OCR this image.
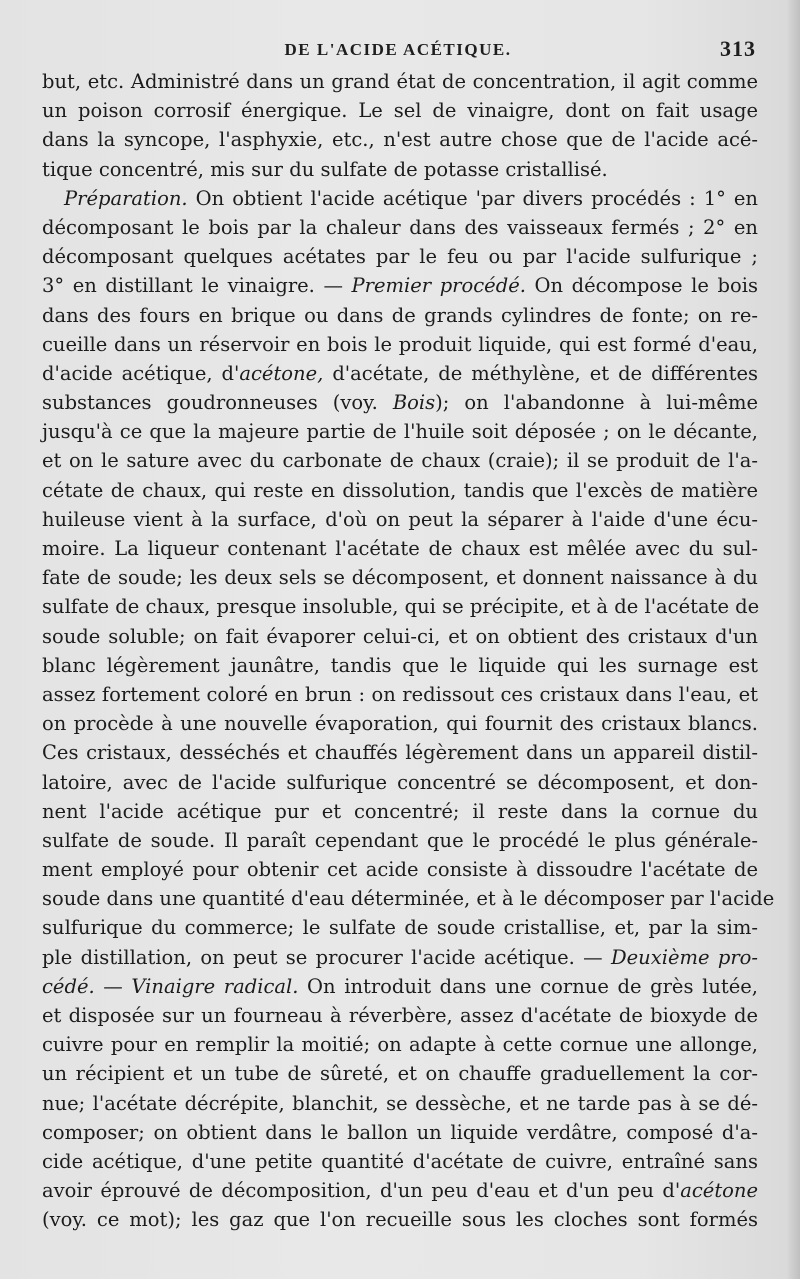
DE L'ACIDE ACÉTIQUE.	313
but, etc. Administré dans un grand état de concentration, il agit comme
un poison corrosif énergique. Le sel de vinaigre, dont on fait usage
dans la syncope, l'asphyxie, etc., n'est autre chose que de l'acide acé-
tique concentré, mis sur du sulfate de potasse cristallisé.
Préparation. On obtient l'acide acétique 'par divers procédés : 1° en
décomposant le bois par la chaleur dans des vaisseaux fermés ; 2° en
décomposant quelques acétates par le feu ou par l'acide sulfurique ;
3° en distillant le vinaigre. — Premier procédé. On décompose le bois
dans des fours en brique ou dans de grands cylindres de fonte; on re-
cueille dans un réservoir en bois le produit liquide, qui est formé d'eau,
d'acide acétique, d'acétone, d'acétate, de méthylène, et de différentes
substances goudronneuses (voy. Bois); on l'abandonne à lui-même
jusqu'à ce que la majeure partie de l'huile soit déposée ; on le décante,
et on le sature avec du carbonate de chaux (craie); il se produit de l'a-
cétate de chaux, qui reste en dissolution, tandis que l'excès de matière
huileuse vient à la surface, d'où on peut la séparer à l'aide d'une écu-
moire. La liqueur contenant l'acétate de chaux est mêlée avec du sul-
fate de soude; les deux sels se décomposent, et donnent naissance à du
sulfate de chaux, presque insoluble, qui se précipite, et à de l'acétate de
soude soluble; on fait évaporer celui-ci, et on obtient des cristaux d'un
blanc légèrement jaunâtre, tandis que le liquide qui les surnage est
assez fortement coloré en brun : on redissout ces cristaux dans l'eau, et
on procède à une nouvelle évaporation, qui fournit des cristaux blancs.
Ces cristaux, desséchés et chauffés légèrement dans un appareil distil-
latoire, avec de l'acide sulfurique concentré se décomposent, et don-
nent l'acide acétique pur et concentré; il reste dans la cornue du
sulfate de soude. Il paraît cependant que le procédé le plus générale-
ment employé pour obtenir cet acide consiste à dissoudre l'acétate de
soude dans une quantité d'eau déterminée, et à le décomposer par l'acide
sulfurique du commerce; le sulfate de soude cristallise, et, par la sim-
ple distillation, on peut se procurer l'acide acétique. — Deuxième pro-
cédé. — Vinaigre radical. On introduit dans une cornue de grès lutée,
et disposée sur un fourneau à réverbère, assez d'acétate de bioxyde de
cuivre pour en remplir la moitié; on adapte à cette cornue une allonge,
un récipient et un tube de sûreté, et on chauffe graduellement la cor-
nue; l'acétate décrépite, blanchit, se dessèche, et ne tarde pas à se dé-
composer; on obtient dans le ballon un liquide verdâtre, composé d'a-
cide acétique, d'une petite quantité d'acétate de cuivre, entraîné sans
avoir éprouvé de décomposition, d'un peu d'eau et d'un peu d'acétone
(voy. ce mot); les gaz que l'on recueille sous les cloches sont formés
